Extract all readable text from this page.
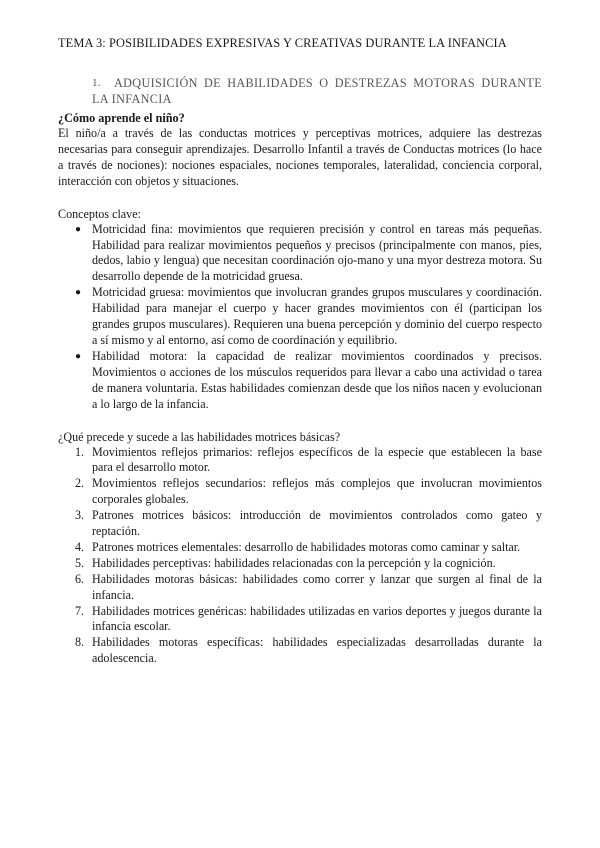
TEMA 3: POSIBILIDADES EXPRESIVAS Y CREATIVAS DURANTE LA INFANCIA
1.	ADQUISICIÓN DE HABILIDADES O DESTREZAS MOTORAS DURANTE LA INFANCIA
¿Cómo aprende el niño?

El niño/a a través de las conductas motrices y perceptivas motrices, adquiere las destrezas necesarias para conseguir aprendizajes. Desarrollo Infantil a través de Conductas motrices (lo hace a través de nociones): nociones espaciales, nociones temporales, lateralidad, conciencia corporal, interacción con objetos y situaciones.

Conceptos clave:

● Motricidad fina: movimientos que requieren precisión y control en tareas más pequeñas. Habilidad para realizar movimientos pequeños y precisos (principalmente con manos, pies, dedos, labio y lengua) que necesitan coordinación ojo-mano y una myor destreza motora. Su desarrollo depende de la motricidad gruesa.
● Motricidad gruesa: movimientos que involucran grandes grupos musculares y coordinación. Habilidad para manejar el cuerpo y hacer grandes movimientos con él (participan los grandes grupos musculares). Requieren una buena percepción y dominio del cuerpo respecto a sí mismo y al entorno, así como de coordinación y equilibrio.
● Habilidad motora: la capacidad de realizar movimientos coordinados y precisos. Movimientos o acciones de los músculos requeridos para llevar a cabo una actividad o tarea de manera voluntaria. Estas habilidades comienzan desde que los niños nacen y evolucionan a lo largo de la infancia.

¿Qué precede y sucede a las habilidades motrices básicas?

1. Movimientos reflejos primarios: reflejos específicos de la especie que establecen la base para el desarrollo motor.
2. Movimientos reflejos secundarios: reflejos más complejos que involucran movimientos corporales globales.
3. Patrones motrices básicos: introducción de movimientos controlados como gateo y reptación.
4. Patrones motrices elementales: desarrollo de habilidades motoras como caminar y saltar.
5. Habilidades perceptivas: habilidades relacionadas con la percepción y la cognición.
6. Habilidades motoras básicas: habilidades como correr y lanzar que surgen al final de la infancia.
7. Habilidades motrices genéricas: habilidades utilizadas en varios deportes y juegos durante la infancia escolar.
8. Habilidades motoras específicas: habilidades especializadas desarrolladas durante la adolescencia.
